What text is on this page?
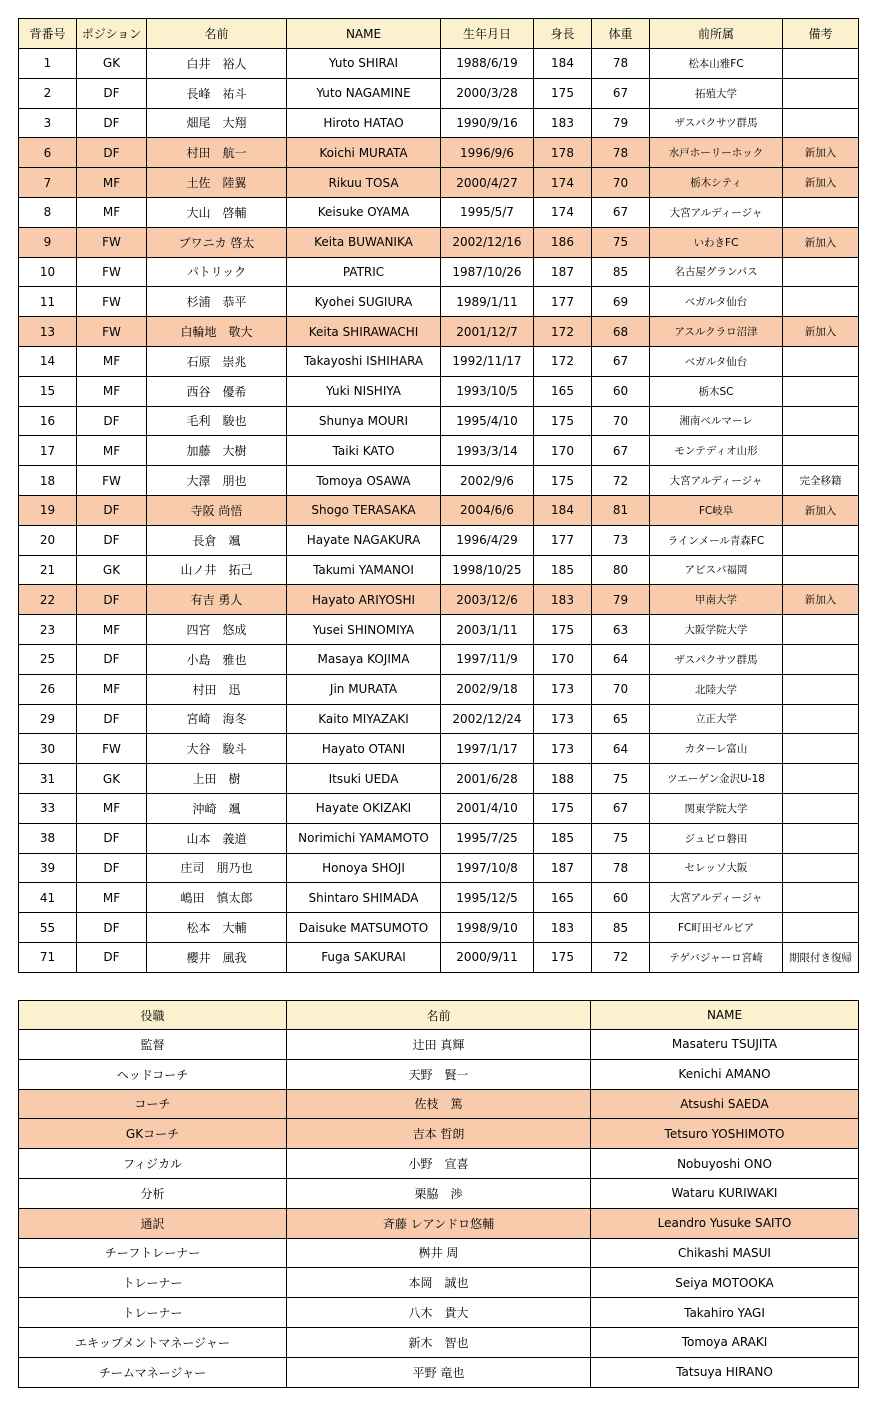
背番号	ポジション	名前	NAME	生年月日	身長	体重	前所属	備考
1	GK	白井　裕人	Yuto SHIRAI	1988/6/19	184	78	松本山雅FC	
2	DF	長峰　祐斗	Yuto NAGAMINE	2000/3/28	175	67	拓殖大学	
3	DF	畑尾　大翔	Hiroto HATAO	1990/9/16	183	79	ザスパクサツ群馬	
6	DF	村田　航一	Koichi MURATA	1996/9/6	178	78	水戸ホーリーホック	新加入
7	MF	土佐　陸翼	Rikuu TOSA	2000/4/27	174	70	栃木シティ	新加入
8	MF	大山　啓輔	Keisuke OYAMA	1995/5/7	174	67	大宮アルディージャ	
9	FW	ブワニカ 啓太	Keita BUWANIKA	2002/12/16	186	75	いわきFC	新加入
10	FW	パトリック	PATRIC	1987/10/26	187	85	名古屋グランパス	
11	FW	杉浦　恭平	Kyohei SUGIURA	1989/1/11	177	69	ベガルタ仙台	
13	FW	白輪地　敬大	Keita SHIRAWACHI	2001/12/7	172	68	アスルクラロ沼津	新加入
14	MF	石原　崇兆	Takayoshi ISHIHARA	1992/11/17	172	67	ベガルタ仙台	
15	MF	西谷　優希	Yuki NISHIYA	1993/10/5	165	60	栃木SC	
16	DF	毛利　駿也	Shunya MOURI	1995/4/10	175	70	湘南ベルマーレ	
17	MF	加藤　大樹	Taiki KATO	1993/3/14	170	67	モンテディオ山形	
18	FW	大澤　朋也	Tomoya OSAWA	2002/9/6	175	72	大宮アルディージャ	完全移籍
19	DF	寺阪 尚悟	Shogo TERASAKA	2004/6/6	184	81	FC岐阜	新加入
20	DF	長倉　颯	Hayate NAGAKURA	1996/4/29	177	73	ラインメール青森FC	
21	GK	山ノ井　拓己	Takumi YAMANOI	1998/10/25	185	80	アビスパ福岡	
22	DF	有吉 勇人	Hayato ARIYOSHI	2003/12/6	183	79	甲南大学	新加入
23	MF	四宮　悠成	Yusei SHINOMIYA	2003/1/11	175	63	大阪学院大学	
25	DF	小島　雅也	Masaya KOJIMA	1997/11/9	170	64	ザスパクサツ群馬	
26	MF	村田　迅	Jin MURATA	2002/9/18	173	70	北陸大学	
29	DF	宮崎　海冬	Kaito MIYAZAKI	2002/12/24	173	65	立正大学	
30	FW	大谷　駿斗	Hayato OTANI	1997/1/17	173	64	カターレ富山	
31	GK	上田　樹	Itsuki UEDA	2001/6/28	188	75	ツエーゲン金沢U-18	
33	MF	沖崎　颯	Hayate OKIZAKI	2001/4/10	175	67	関東学院大学	
38	DF	山本　義道	Norimichi YAMAMOTO	1995/7/25	185	75	ジュビロ磐田	
39	DF	庄司　朋乃也	Honoya SHOJI	1997/10/8	187	78	セレッソ大阪	
41	MF	嶋田　慎太郎	Shintaro SHIMADA	1995/12/5	165	60	大宮アルディージャ	
55	DF	松本　大輔	Daisuke MATSUMOTO	1998/9/10	183	85	FC町田ゼルビア	
71	DF	櫻井　風我	Fuga SAKURAI	2000/9/11	175	72	テゲバジャーロ宮崎	期限付き復帰
役職	名前	NAME
監督	辻田 真輝	Masateru TSUJITA
ヘッドコーチ	天野　賢一	Kenichi AMANO
コーチ	佐枝　篤	Atsushi SAEDA
GKコーチ	吉本 哲朗	Tetsuro YOSHIMOTO
フィジカル	小野　宣喜	Nobuyoshi ONO
分析	栗脇　渉	Wataru KURIWAKI
通訳	斉藤 レアンドロ悠輔	Leandro Yusuke SAITO
チーフトレーナー	桝井 周	Chikashi MASUI
トレーナー	本岡　誠也	Seiya MOTOOKA
トレーナー	八木　貴大	Takahiro YAGI
エキップメントマネージャー	新木　智也	Tomoya ARAKI
チームマネージャー	平野 竜也	Tatsuya HIRANO
